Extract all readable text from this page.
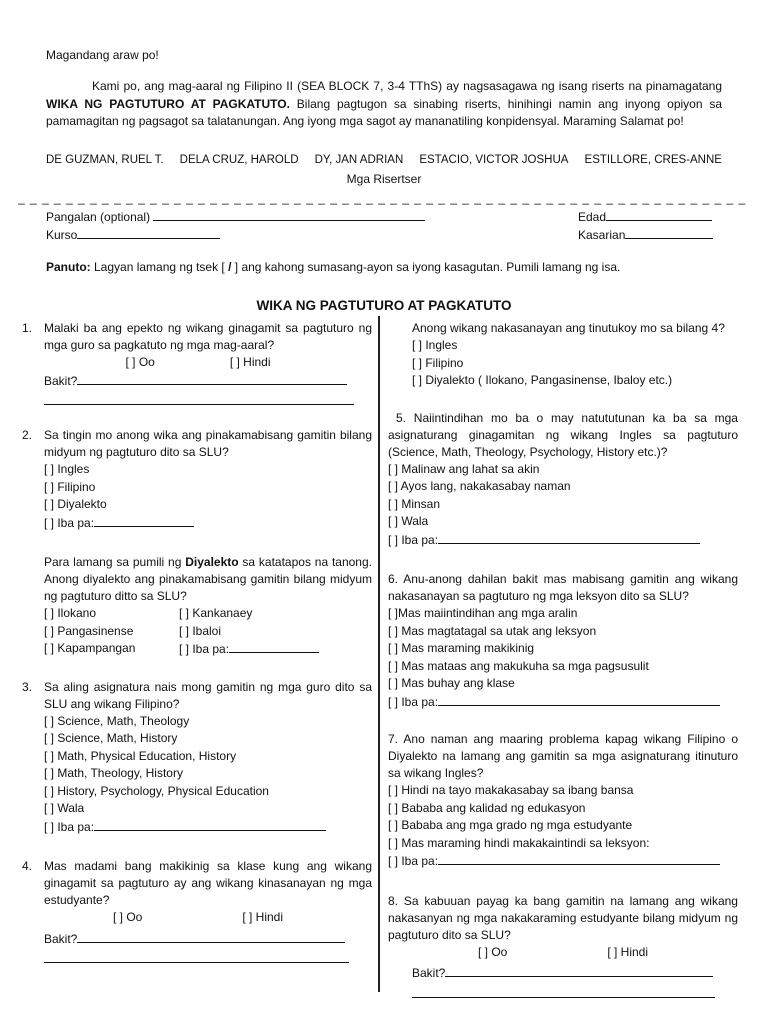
Magandang araw po!
Kami po, ang mag-aaral ng Filipino II (SEA BLOCK 7, 3-4 TThS) ay nagsasagawa ng isang riserts na pinamagatang WIKA NG PAGTUTURO AT PAGKATUTO. Bilang pagtugon sa sinabing riserts, hinihingi namin ang inyong opiyon sa pamamagitan ng pagsagot sa talatanungan. Ang iyong mga sagot ay mananatiling konpidensyal. Maraming Salamat po!
DE GUZMAN, RUEL T. DELA CRUZ, HAROLD DY, JAN ADRIAN ESTACIO, VICTOR JOSHUA ESTILLORE, CRES-ANNE
Mga Risertser
_ _ _ _ _ _ _ _ _ _ _ _ _ _ _ _ _ _ _ _ _ _ _ _ _ _ _ _ _ _ _ _ _ _ _ _ _ _ _ _ _ _ _ _ _ _ _ _ _ _ _ _ _ _ _ _ _ _ _ _ _
Pangalan (optional)	Edad
Kurso	Kasarian
Panuto: Lagyan lamang ng tsek [ / ] ang kahong sumasang-ayon sa iyong kasagutan. Pumili lamang ng isa.
WIKA NG PAGTUTURO AT PAGKATUTO
1. Malaki ba ang epekto ng wikang ginagamit sa pagtuturo ng mga guro sa pagkatuto ng mga mag-aaral?
[ ] Oo	[ ] Hindi
Bakit?
2. Sa tingin mo anong wika ang pinakamabisang gamitin bilang midyum ng pagtuturo dito sa SLU?
[ ] Ingles
[ ] Filipino
[ ] Diyalekto
[ ] Iba pa:
Para lamang sa pumili ng Diyalekto sa katatapos na tanong. Anong diyalekto ang pinakamabisang gamitin bilang midyum ng pagtuturo ditto sa SLU?
[ ] Ilokano	[ ] Kankanaey
[ ] Pangasinense	[ ] Ibaloi
[ ] Kapampangan	[ ] Iba pa:
3. Sa aling asignatura nais mong gamitin ng mga guro dito sa SLU ang wikang Filipino?
[ ] Science, Math, Theology
[ ] Science, Math, History
[ ] Math, Physical Education, History
[ ] Math, Theology, History
[ ] History, Psychology, Physical Education
[ ] Wala
[ ] Iba pa:
4. Mas madami bang makikinig sa klase kung ang wikang ginagamit sa pagtuturo ay ang wikang kinasanayan ng mga estudyante?
[ ] Oo	[ ] Hindi
Bakit?
Anong wikang nakasanayan ang tinutukoy mo sa bilang 4?
[ ] Ingles
[ ] Filipino
[ ] Diyalekto ( Ilokano, Pangasinense, Ibaloy etc.)
5. Naiintindihan mo ba o may natututunan ka ba sa mga asignaturang ginagamitan ng wikang Ingles sa pagtuturo (Science, Math, Theology, Psychology, History etc.)?
[ ] Malinaw ang lahat sa akin
[ ] Ayos lang, nakakasabay naman
[ ] Minsan
[ ] Wala
[ ] Iba pa:
6. Anu-anong dahilan bakit mas mabisang gamitin ang wikang nakasanayan sa pagtuturo ng mga leksyon dito sa SLU?
[ ]Mas maiintindihan ang mga aralin
[ ] Mas magtatagal sa utak ang leksyon
[ ] Mas maraming makikinig
[ ] Mas mataas ang makukuha sa mga pagsusulit
[ ] Mas buhay ang klase
[ ] Iba pa:
7. Ano naman ang maaring problema kapag wikang Filipino o Diyalekto na lamang ang gamitin sa mga asignaturang itinuturo sa wikang Ingles?
[ ] Hindi na tayo makakasabay sa ibang bansa
[ ] Bababa ang kalidad ng edukasyon
[ ] Bababa ang mga grado ng mga estudyante
[ ] Mas maraming hindi makakaintindi sa leksyon:
[ ] Iba pa:
8. Sa kabuuan payag ka bang gamitin na lamang ang wikang nakasanyan ng mga nakakaraming estudyante bilang midyum ng pagtuturo dito sa SLU?
[ ] Oo	[ ] Hindi
Bakit?
